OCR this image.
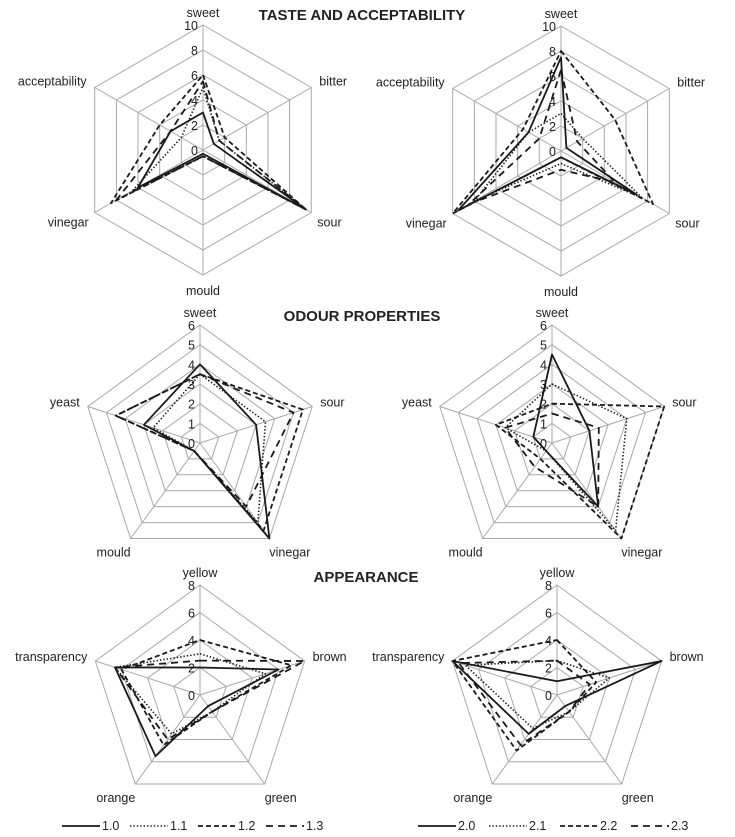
TASTE AND ACCEPTABILITY
ODOUR PROPERTIES
APPEARANCE
0
2
4
6
8
10
sweet
bitter
sour
mould
vinegar
acceptability
0
2
4
6
8
10
sweet
bitter
sour
mould
vinegar
acceptability
0
1
2
3
4
5
6
sweet
sour
vinegar
mould
yeast
0
1
2
3
4
5
6
sweet
sour
vinegar
mould
yeast
0
2
4
6
8
yellow
brown
green
orange
transparency
0
2
4
6
8
yellow
brown
green
orange
transparency
1.0	1.1	1.2	1.3	2.0	2.1	2.2	2.3
